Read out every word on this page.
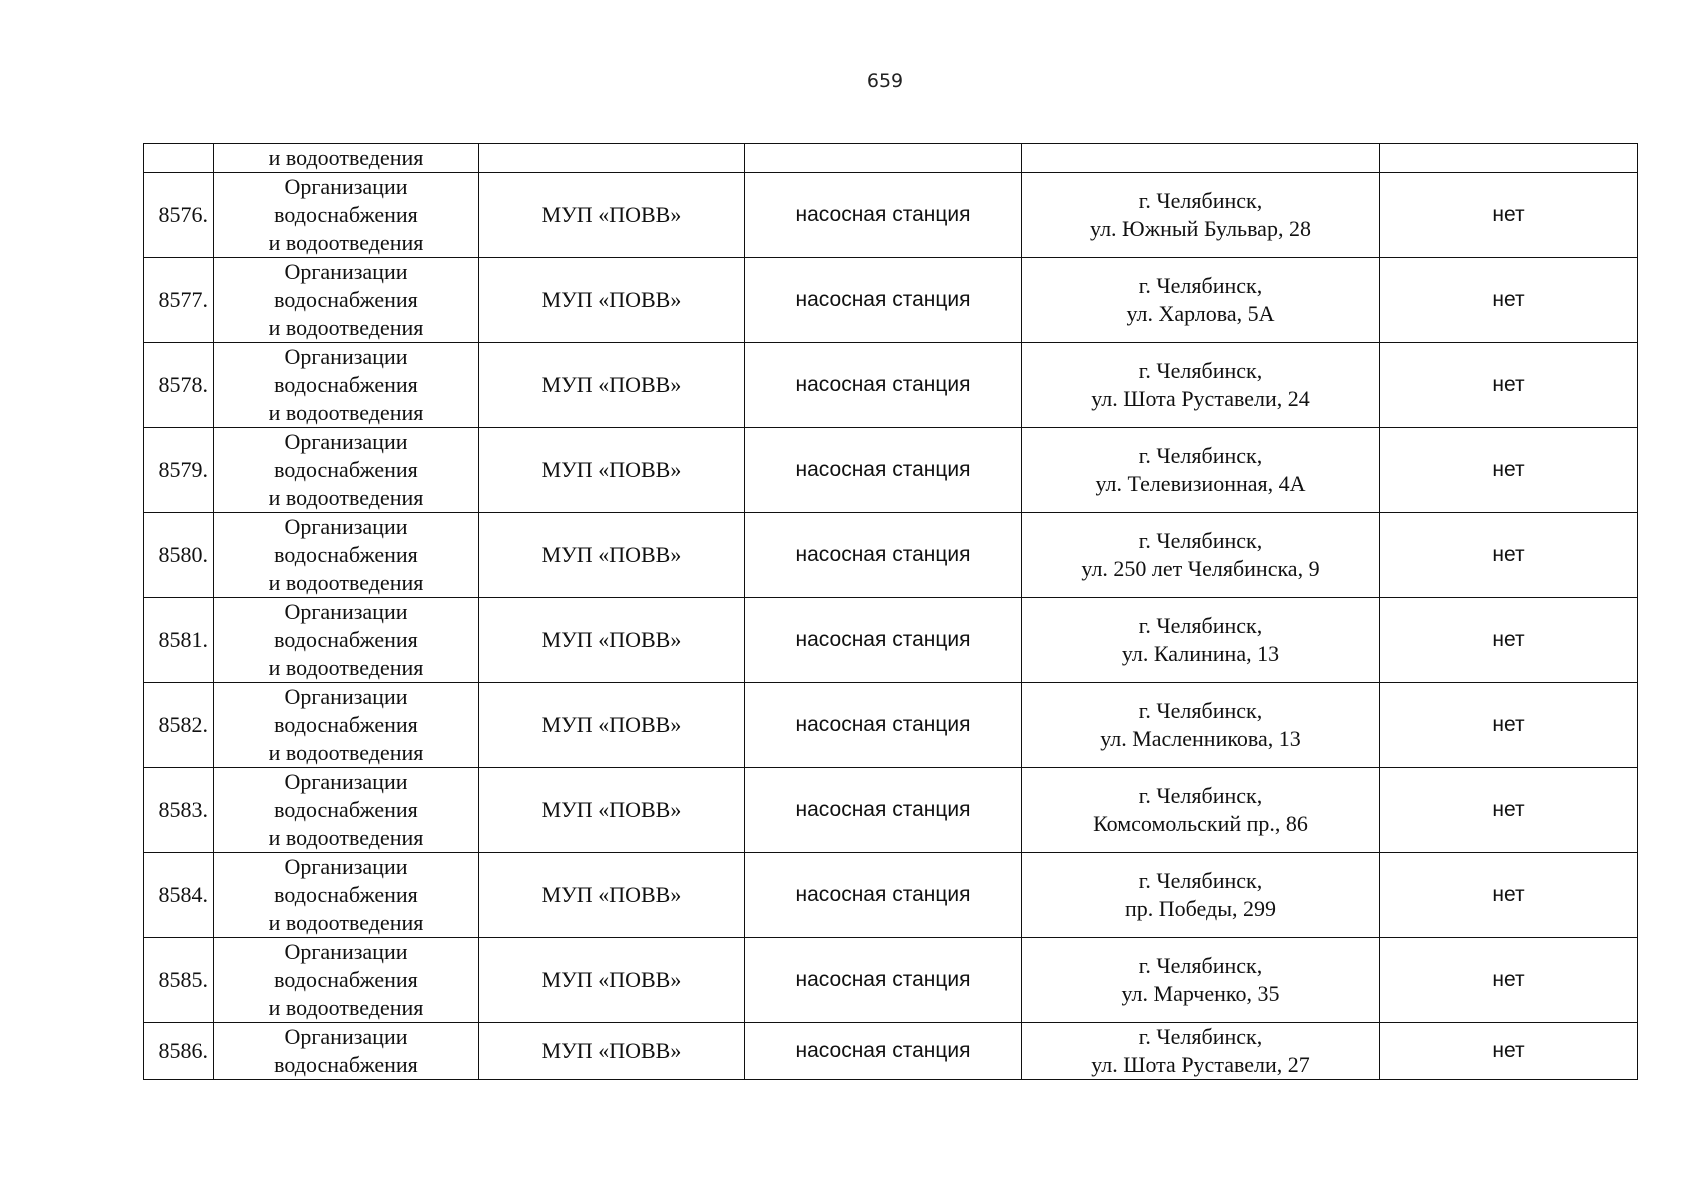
659

	и водоотведения				

8576.	Организации
водоснабжения
и водоотведения	МУП «ПОВВ»	насосная станция	г. Челябинск,
ул. Южный Бульвар, 28	нет
8577.	Организации
водоснабжения
и водоотведения	МУП «ПОВВ»	насосная станция	г. Челябинск,
ул. Харлова, 5А	нет
8578.	Организации
водоснабжения
и водоотведения	МУП «ПОВВ»	насосная станция	г. Челябинск,
ул. Шота Руставели, 24	нет
8579.	Организации
водоснабжения
и водоотведения	МУП «ПОВВ»	насосная станция	г. Челябинск,
ул. Телевизионная, 4А	нет
8580.	Организации
водоснабжения
и водоотведения	МУП «ПОВВ»	насосная станция	г. Челябинск,
ул. 250 лет Челябинска, 9	нет
8581.	Организации
водоснабжения
и водоотведения	МУП «ПОВВ»	насосная станция	г. Челябинск,
ул. Калинина, 13	нет
8582.	Организации
водоснабжения
и водоотведения	МУП «ПОВВ»	насосная станция	г. Челябинск,
ул. Масленникова, 13	нет
8583.	Организации
водоснабжения
и водоотведения	МУП «ПОВВ»	насосная станция	г. Челябинск,
Комсомольский пр., 86	нет
8584.	Организации
водоснабжения
и водоотведения	МУП «ПОВВ»	насосная станция	г. Челябинск,
пр. Победы, 299	нет
8585.	Организации
водоснабжения
и водоотведения	МУП «ПОВВ»	насосная станция	г. Челябинск,
ул. Марченко, 35	нет
8586.	Организации
водоснабжения	МУП «ПОВВ»	насосная станция	г. Челябинск,
ул. Шота Руставели, 27	нет
